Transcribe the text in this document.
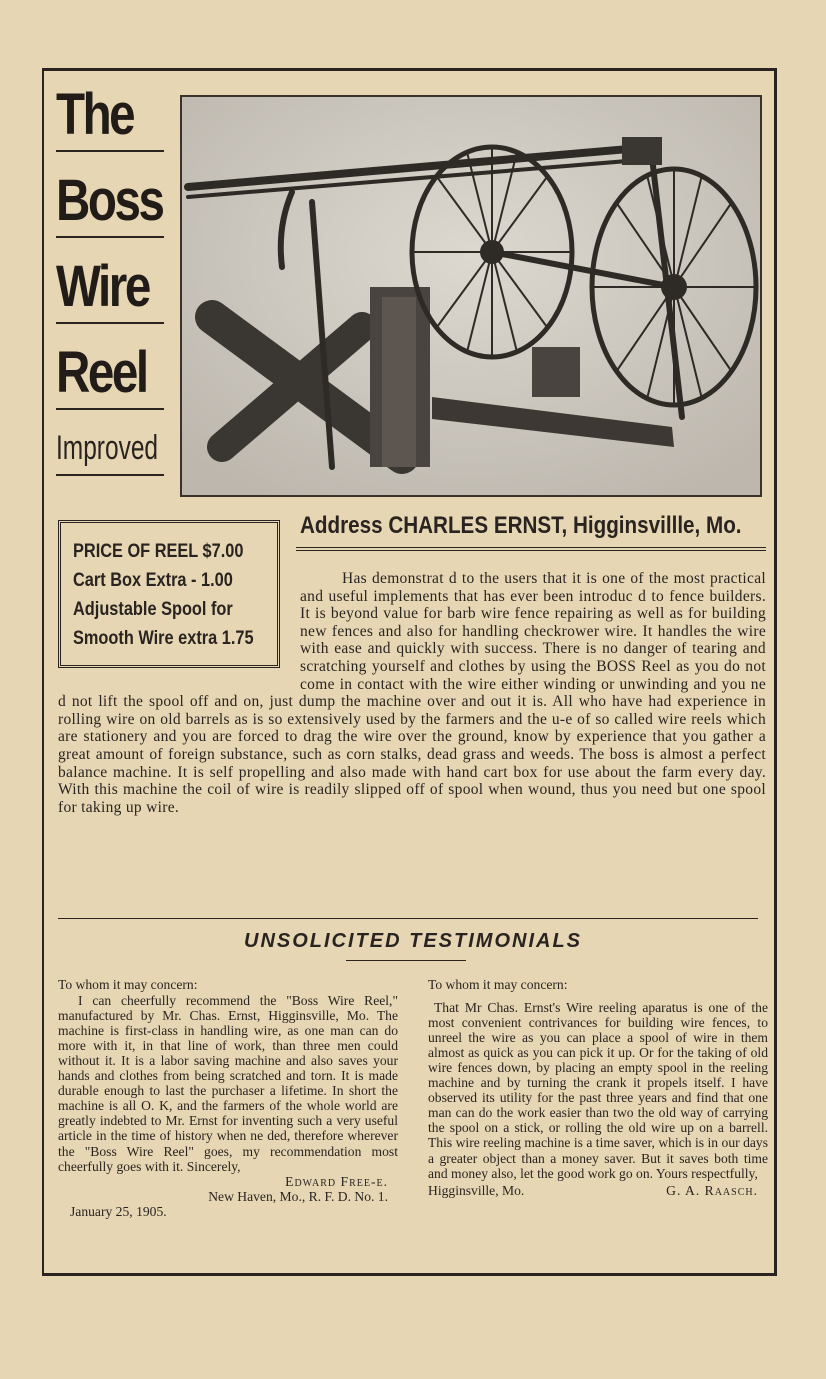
The
Boss
Wire
Reel
Improved
PRICE OF REEL $7.00
Cart Box Extra - 1.00
Adjustable Spool for
Smooth Wire extra 1.75
Address CHARLES ERNST, Higginsvillle, Mo.
Has demonstrat d to the users that it is one of the most practical and useful implements that has ever been introduc d to fence builders. It is beyond value for barb wire fence repairing as well as for building new fences and also for handling checkrower wire. It handles the wire with ease and quickly with success. There is no danger of tearing and scratching yourself and clothes by using the BOSS Reel as you do not come in contact with the wire either winding or unwinding and you ne d not lift the spool off and on, just dump the machine over and out it is. All who have had experience in rolling wire on old barrels as is so extensively used by the farmers and the u-e of so called wire reels which are stationery and you are forced to drag the wire over the ground, know by experience that you gather a great amount of foreign substance, such as corn stalks, dead grass and weeds. The boss is almost a perfect balance machine. It is self propelling and also made with hand cart box for use about the farm every day. With this machine the coil of wire is readily slipped off of spool when wound, thus you need but one spool for taking up wire.
UNSOLICITED TESTIMONIALS

To whom it may concern:

I can cheerfully recommend the "Boss Wire Reel," manufactured by Mr. Chas. Ernst, Higginsville, Mo. The machine is first-class in handling wire, as one man can do more with it, in that line of work, than three men could without it. It is a labor saving machine and also saves your hands and clothes from being scratched and torn. It is made durable enough to last the purchaser a lifetime. In short the machine is all O. K, and the farmers of the whole world are greatly indebted to Mr. Ernst for inventing such a very useful article in the time of history when ne ded, therefore wherever the "Boss Wire Reel" goes, my recommendation most cheerfully goes with it. Sincerely,

Edward Free-e.

New Haven, Mo., R. F. D. No. 1.

January 25, 1905.

To whom it may concern:

That Mr Chas. Ernst's Wire reeling aparatus is one of the most convenient contrivances for building wire fences, to unreel the wire as you can place a spool of wire in them almost as quick as you can pick it up. Or for the taking of old wire fences down, by placing an empty spool in the reeling machine and by turning the crank it propels itself. I have observed its utility for the past three years and find that one man can do the work easier than two the old way of carrying the spool on a stick, or rolling the old wire up on a barrell. This wire reeling machine is a time saver, which is in our days a greater object than a money saver. But it saves both time and money also, let the good work go on. Yours respectfully,

Higginsville, Mo.	G. A. Raasch.
